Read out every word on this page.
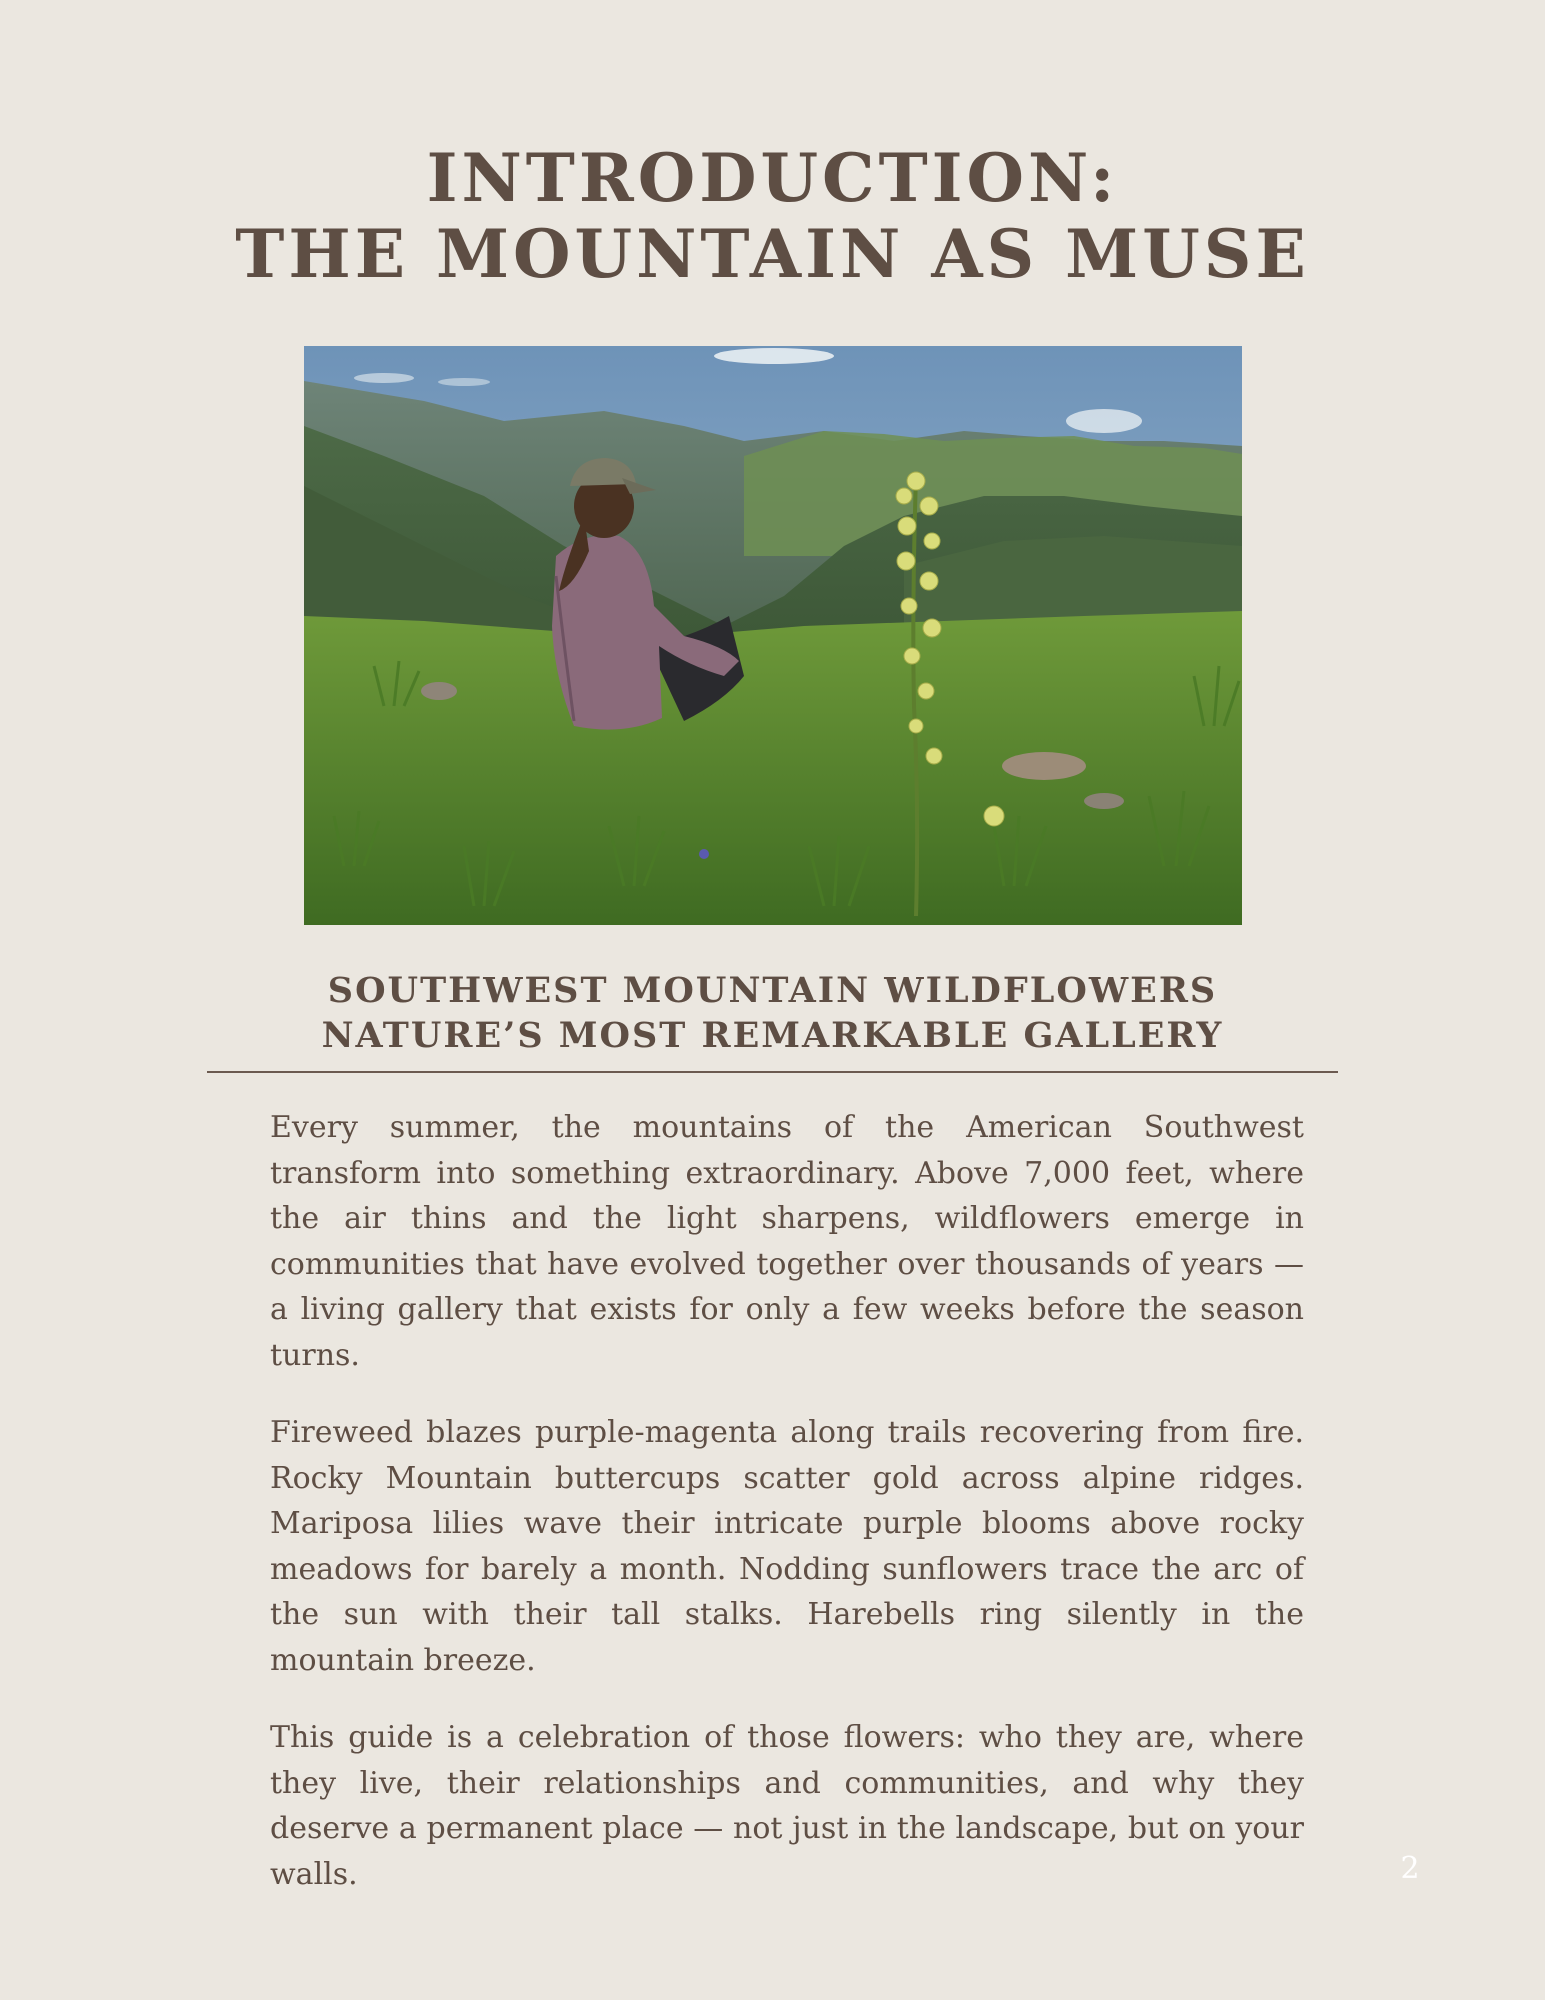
INTRODUCTION:
THE MOUNTAIN AS MUSE
SOUTHWEST MOUNTAIN WILDFLOWERS
NATURE’S MOST REMARKABLE GALLERY

Every summer, the mountains of the American Southwest transform into something extraordinary. Above 7,000 feet, where the air thins and the light sharpens, wildflowers emerge in communities that have evolved together over thousands of years — a living gallery that exists for only a few weeks before the season turns.

Fireweed blazes purple-magenta along trails recovering from fire. Rocky Mountain buttercups scatter gold across alpine ridges. Mariposa lilies wave their intricate purple blooms above rocky meadows for barely a month. Nodding sunflowers trace the arc of the sun with their tall stalks. Harebells ring silently in the mountain breeze.

This guide is a celebration of those flowers: who they are, where they live, their relationships and communities, and why they deserve a permanent place — not just in the landscape, but on your walls.	2
